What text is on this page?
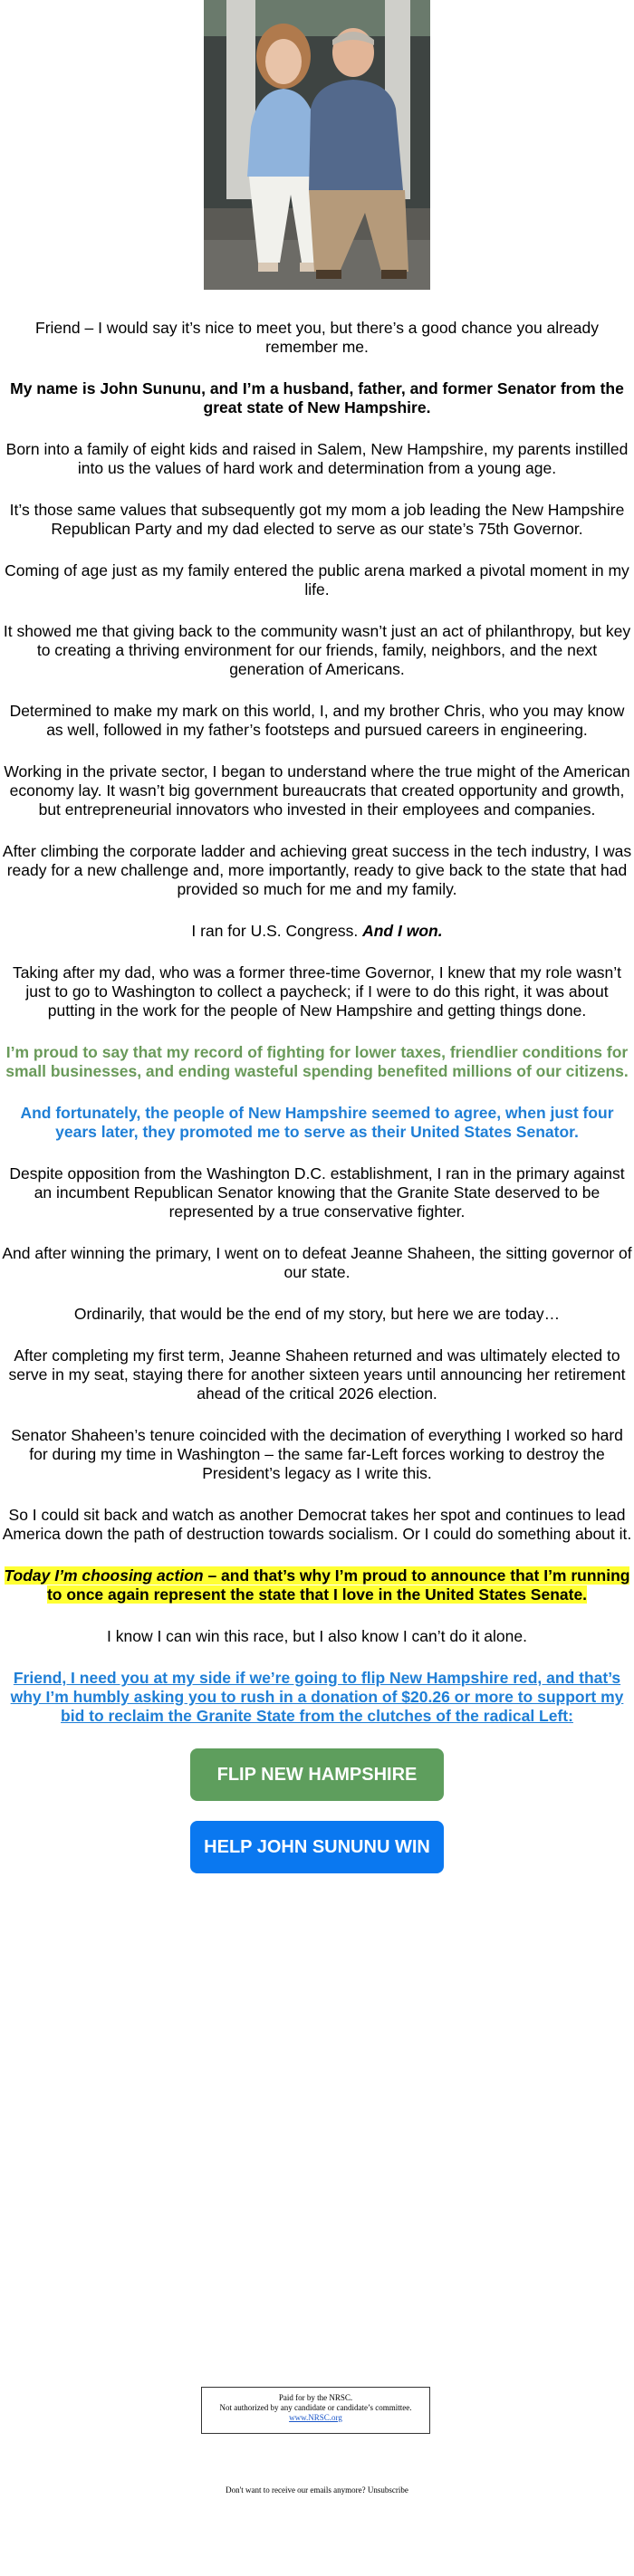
Friend – I would say it’s nice to meet you, but there’s a good chance you already remember me.

My name is John Sununu, and I’m a husband, father, and former Senator from the great state of New Hampshire.

Born into a family of eight kids and raised in Salem, New Hampshire, my parents instilled into us the values of hard work and determination from a young age.

It’s those same values that subsequently got my mom a job leading the New Hampshire Republican Party and my dad elected to serve as our state’s 75th Governor.

Coming of age just as my family entered the public arena marked a pivotal moment in my life.

It showed me that giving back to the community wasn’t just an act of philanthropy, but key to creating a thriving environment for our friends, family, neighbors, and the next generation of Americans.

Determined to make my mark on this world, I, and my brother Chris, who you may know as well, followed in my father’s footsteps and pursued careers in engineering.

Working in the private sector, I began to understand where the true might of the American economy lay. It wasn’t big government bureaucrats that created opportunity and growth, but entrepreneurial innovators who invested in their employees and companies.

After climbing the corporate ladder and achieving great success in the tech industry, I was ready for a new challenge and, more importantly, ready to give back to the state that had provided so much for me and my family.

I ran for U.S. Congress. And I won.

Taking after my dad, who was a former three-time Governor, I knew that my role wasn’t just to go to Washington to collect a paycheck; if I were to do this right, it was about putting in the work for the people of New Hampshire and getting things done.

I’m proud to say that my record of fighting for lower taxes, friendlier conditions for small businesses, and ending wasteful spending benefited millions of our citizens.

And fortunately, the people of New Hampshire seemed to agree, when just four years later, they promoted me to serve as their United States Senator.

Despite opposition from the Washington D.C. establishment, I ran in the primary against an incumbent Republican Senator knowing that the Granite State deserved to be represented by a true conservative fighter.

And after winning the primary, I went on to defeat Jeanne Shaheen, the sitting governor of our state.

Ordinarily, that would be the end of my story, but here we are today…

After completing my first term, Jeanne Shaheen returned and was ultimately elected to serve in my seat, staying there for another sixteen years until announcing her retirement ahead of the critical 2026 election.

Senator Shaheen’s tenure coincided with the decimation of everything I worked so hard for during my time in Washington – the same far-Left forces working to destroy the President’s legacy as I write this.

So I could sit back and watch as another Democrat takes her spot and continues to lead America down the path of destruction towards socialism. Or I could do something about it.

Today I’m choosing action – and that’s why I’m proud to announce that I’m running to once again represent the state that I love in the United States Senate.

I know I can win this race, but I also know I can’t do it alone.

Friend, I need you at my side if we’re going to flip New Hampshire red, and that’s why I’m humbly asking you to rush in a donation of $20.26 or more to support my bid to reclaim the Granite State from the clutches of the radical Left:

FLIP NEW HAMPSHIRE
HELP JOHN SUNUNU WIN
Paid for by the NRSC.
Not authorized by any candidate or candidate’s committee.
www.NRSC.org
Don't want to receive our emails anymore? Unsubscribe
